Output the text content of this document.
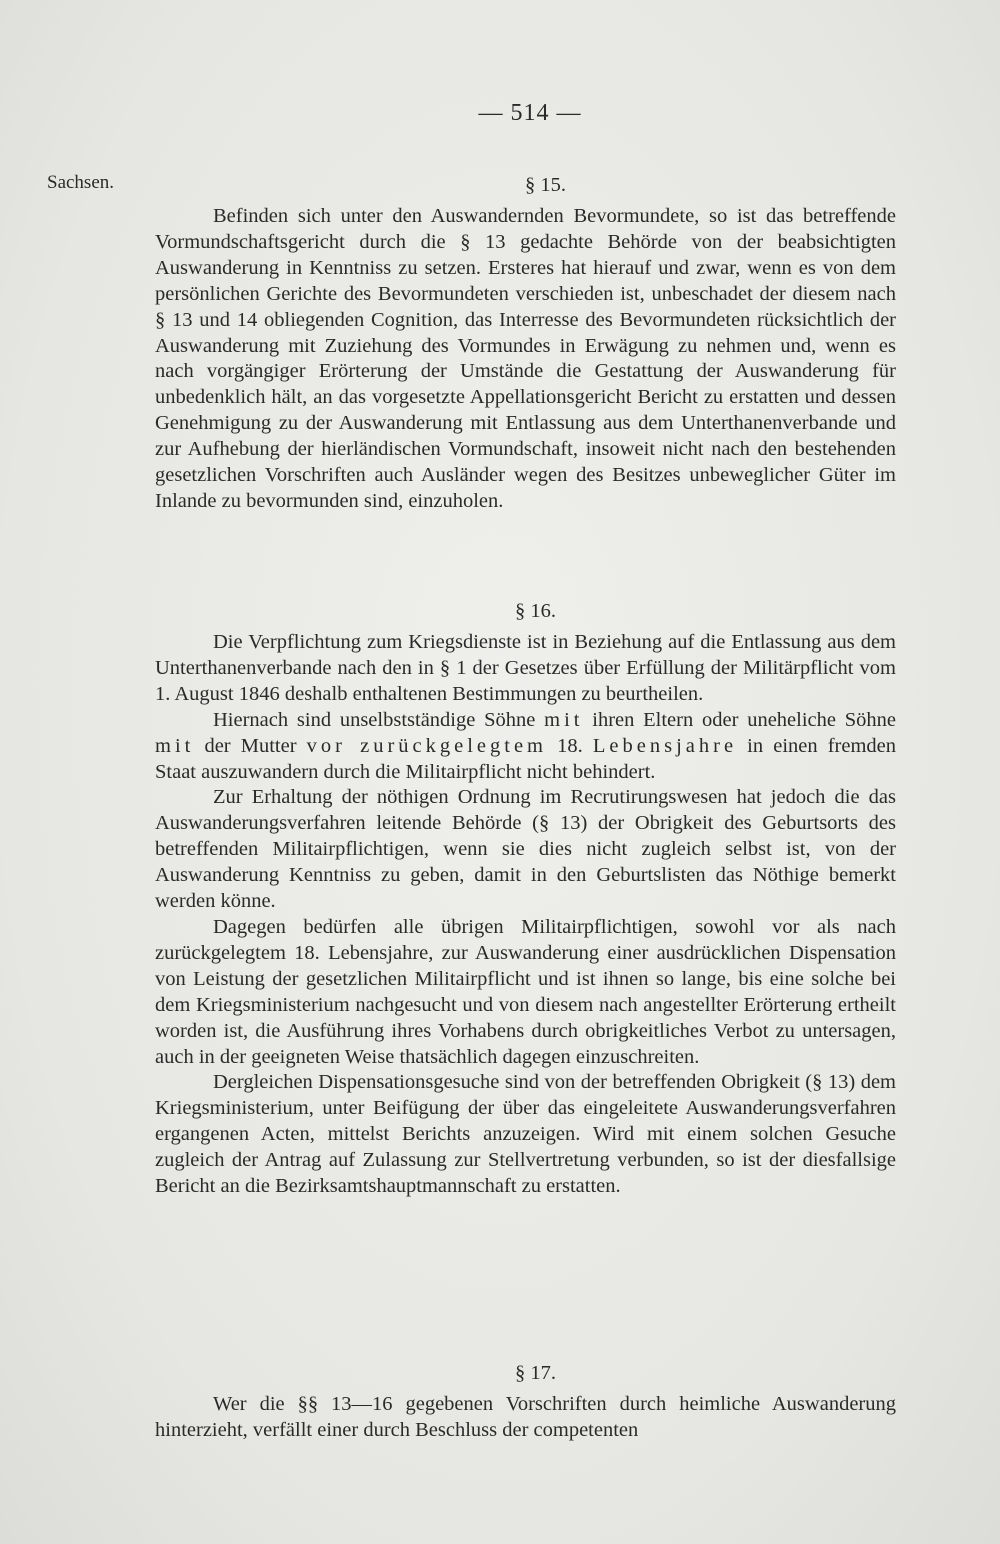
— 514 —
Sachsen.	§ 15.

Befinden sich unter den Auswandernden Bevormundete, so ist das betreffende Vormundschaftsgericht durch die § 13 gedachte Behörde von der beabsichtigten Auswanderung in Kenntniss zu setzen. Ersteres hat hierauf und zwar, wenn es von dem persönlichen Gerichte des Bevormundeten verschieden ist, unbeschadet der diesem nach § 13 und 14 obliegenden Cognition, das Interresse des Bevormundeten rücksichtlich der Auswanderung mit Zuziehung des Vormundes in Erwägung zu nehmen und, wenn es nach vorgängiger Erörterung der Umstände die Gestattung der Auswanderung für unbedenklich hält, an das vorgesetzte Appellationsgericht Bericht zu erstatten und dessen Genehmigung zu der Auswanderung mit Entlassung aus dem Unterthanenverbande und zur Aufhebung der hierländischen Vormundschaft, insoweit nicht nach den bestehenden gesetzlichen Vorschriften auch Ausländer wegen des Besitzes unbeweglicher Güter im Inlande zu bevormunden sind, einzuholen.

§ 16.

Die Verpflichtung zum Kriegsdienste ist in Beziehung auf die Entlassung aus dem Unterthanenverbande nach den in § 1 der Gesetzes über Erfüllung der Militärpflicht vom 1. August 1846 deshalb enthaltenen Bestimmungen zu beurtheilen.

Hiernach sind unselbstständige Söhne mit ihren Eltern oder uneheliche Söhne mit der Mutter vor zurückgelegtem 18. Lebensjahre in einen fremden Staat auszuwandern durch die Militairpflicht nicht behindert.

Zur Erhaltung der nöthigen Ordnung im Recrutirungswesen hat jedoch die das Auswanderungsverfahren leitende Behörde (§ 13) der Obrigkeit des Geburtsorts des betreffenden Militairpflichtigen, wenn sie dies nicht zugleich selbst ist, von der Auswanderung Kenntniss zu geben, damit in den Geburtslisten das Nöthige bemerkt werden könne.

Dagegen bedürfen alle übrigen Militairpflichtigen, sowohl vor als nach zurückgelegtem 18. Lebensjahre, zur Auswanderung einer ausdrücklichen Dispensation von Leistung der gesetzlichen Militairpflicht und ist ihnen so lange, bis eine solche bei dem Kriegsministerium nachgesucht und von diesem nach angestellter Erörterung ertheilt worden ist, die Ausführung ihres Vorhabens durch obrigkeitliches Verbot zu untersagen, auch in der geeigneten Weise thatsächlich dagegen einzuschreiten.

Dergleichen Dispensationsgesuche sind von der betreffenden Obrigkeit (§ 13) dem Kriegsministerium, unter Beifügung der über das eingeleitete Auswanderungsverfahren ergangenen Acten, mittelst Berichts anzuzeigen. Wird mit einem solchen Gesuche zugleich der Antrag auf Zulassung zur Stellvertretung verbunden, so ist der diesfallsige Bericht an die Bezirksamtshauptmannschaft zu erstatten.

§ 17.

Wer die §§ 13—16 gegebenen Vorschriften durch heimliche Auswanderung hinterzieht, verfällt einer durch Beschluss der competenten
